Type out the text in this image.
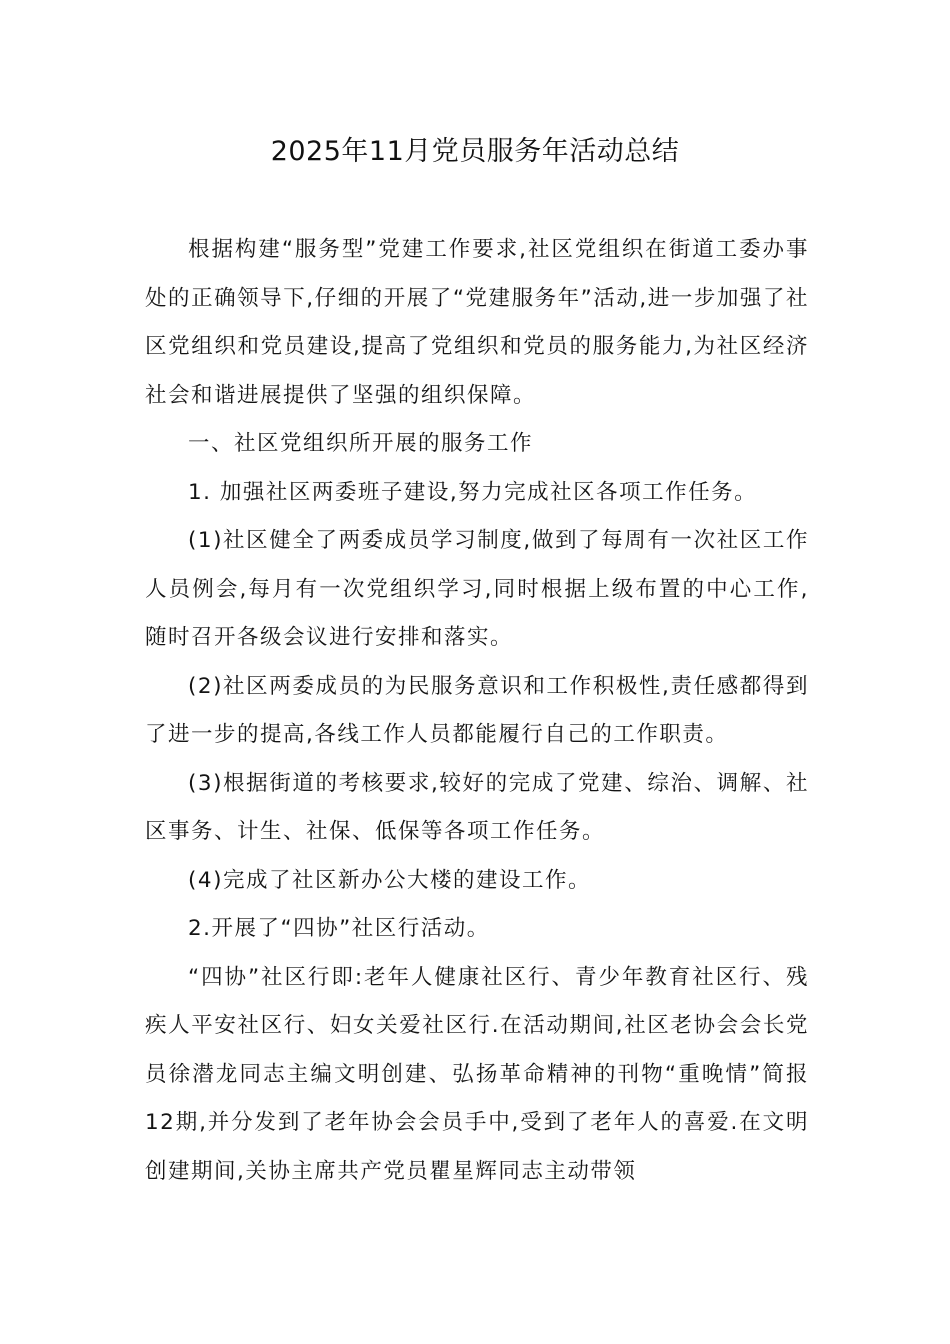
2025年11月党员服务年活动总结

根据构建“服务型”党建工作要求,社区党组织在街道工委办事处的正确领导下,仔细的开展了“党建服务年”活动,进一步加强了社区党组织和党员建设,提高了党组织和党员的服务能力,为社区经济社会和谐进展提供了坚强的组织保障。

一、社区党组织所开展的服务工作

1. 加强社区两委班子建设,努力完成社区各项工作任务。

(1)社区健全了两委成员学习制度,做到了每周有一次社区工作人员例会,每月有一次党组织学习,同时根据上级布置的中心工作,随时召开各级会议进行安排和落实。

(2)社区两委成员的为民服务意识和工作积极性,责任感都得到了进一步的提高,各线工作人员都能履行自己的工作职责。

(3)根据街道的考核要求,较好的完成了党建、综治、调解、社区事务、计生、社保、低保等各项工作任务。

(4)完成了社区新办公大楼的建设工作。

2.开展了“四协”社区行活动。

“四协”社区行即:老年人健康社区行、青少年教育社区行、残疾人平安社区行、妇女关爱社区行.在活动期间,社区老协会会长党员徐潜龙同志主编文明创建、弘扬革命精神的刊物“重晚情”简报12期,并分发到了老年协会会员手中,受到了老年人的喜爱.在文明创建期间,关协主席共产党员瞿星辉同志主动带领
